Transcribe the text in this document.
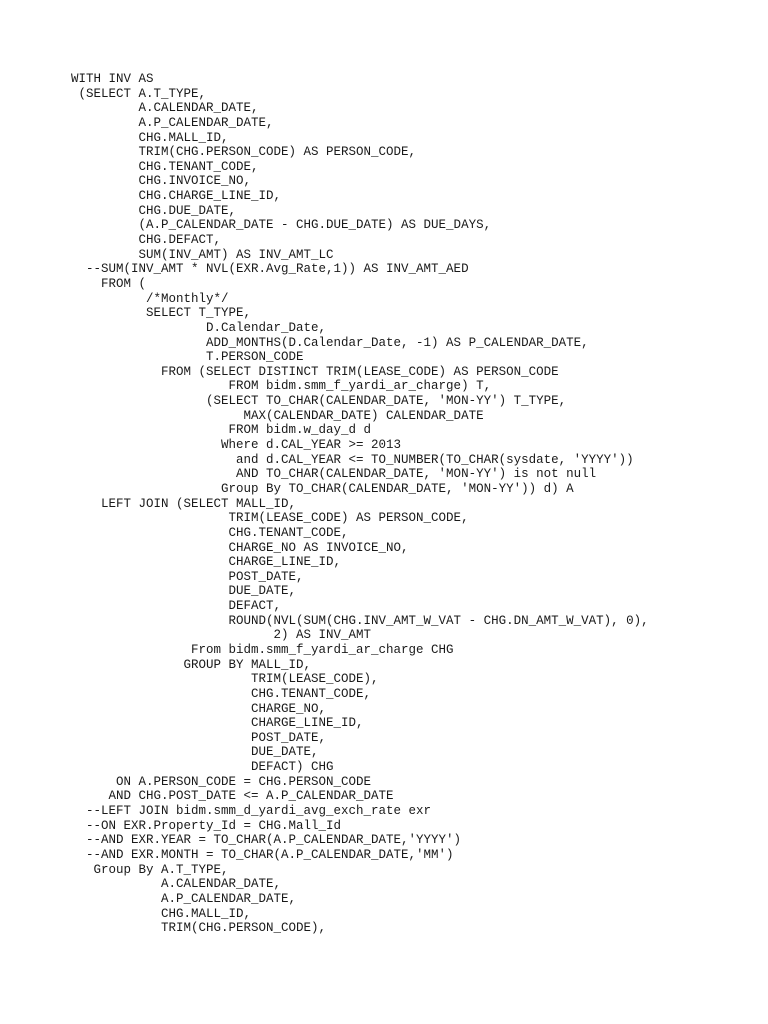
WITH INV AS
(SELECT A.T_TYPE,
A.CALENDAR_DATE,
A.P_CALENDAR_DATE,
CHG.MALL_ID,
TRIM(CHG.PERSON_CODE) AS PERSON_CODE,
CHG.TENANT_CODE,
CHG.INVOICE_NO,
CHG.CHARGE_LINE_ID,
CHG.DUE_DATE,
(A.P_CALENDAR_DATE - CHG.DUE_DATE) AS DUE_DAYS,
CHG.DEFACT,
SUM(INV_AMT) AS INV_AMT_LC
--SUM(INV_AMT * NVL(EXR.Avg_Rate,1)) AS INV_AMT_AED
FROM (
/*Monthly*/
SELECT T_TYPE,
D.Calendar_Date,
ADD_MONTHS(D.Calendar_Date, -1) AS P_CALENDAR_DATE,
T.PERSON_CODE
FROM (SELECT DISTINCT TRIM(LEASE_CODE) AS PERSON_CODE
FROM bidm.smm_f_yardi_ar_charge) T,
(SELECT TO_CHAR(CALENDAR_DATE, 'MON-YY') T_TYPE,
MAX(CALENDAR_DATE) CALENDAR_DATE
FROM bidm.w_day_d d
Where d.CAL_YEAR >= 2013
and d.CAL_YEAR <= TO_NUMBER(TO_CHAR(sysdate, 'YYYY'))
AND TO_CHAR(CALENDAR_DATE, 'MON-YY') is not null
Group By TO_CHAR(CALENDAR_DATE, 'MON-YY')) d) A
LEFT JOIN (SELECT MALL_ID,
TRIM(LEASE_CODE) AS PERSON_CODE,
CHG.TENANT_CODE,
CHARGE_NO AS INVOICE_NO,
CHARGE_LINE_ID,
POST_DATE,
DUE_DATE,
DEFACT,
ROUND(NVL(SUM(CHG.INV_AMT_W_VAT - CHG.DN_AMT_W_VAT), 0),
2) AS INV_AMT
From bidm.smm_f_yardi_ar_charge CHG
GROUP BY MALL_ID,
TRIM(LEASE_CODE),
CHG.TENANT_CODE,
CHARGE_NO,
CHARGE_LINE_ID,
POST_DATE,
DUE_DATE,
DEFACT) CHG
ON A.PERSON_CODE = CHG.PERSON_CODE
AND CHG.POST_DATE <= A.P_CALENDAR_DATE
--LEFT JOIN bidm.smm_d_yardi_avg_exch_rate exr
--ON EXR.Property_Id = CHG.Mall_Id
--AND EXR.YEAR = TO_CHAR(A.P_CALENDAR_DATE,'YYYY')
--AND EXR.MONTH = TO_CHAR(A.P_CALENDAR_DATE,'MM')
Group By A.T_TYPE,
A.CALENDAR_DATE,
A.P_CALENDAR_DATE,
CHG.MALL_ID,
TRIM(CHG.PERSON_CODE),
